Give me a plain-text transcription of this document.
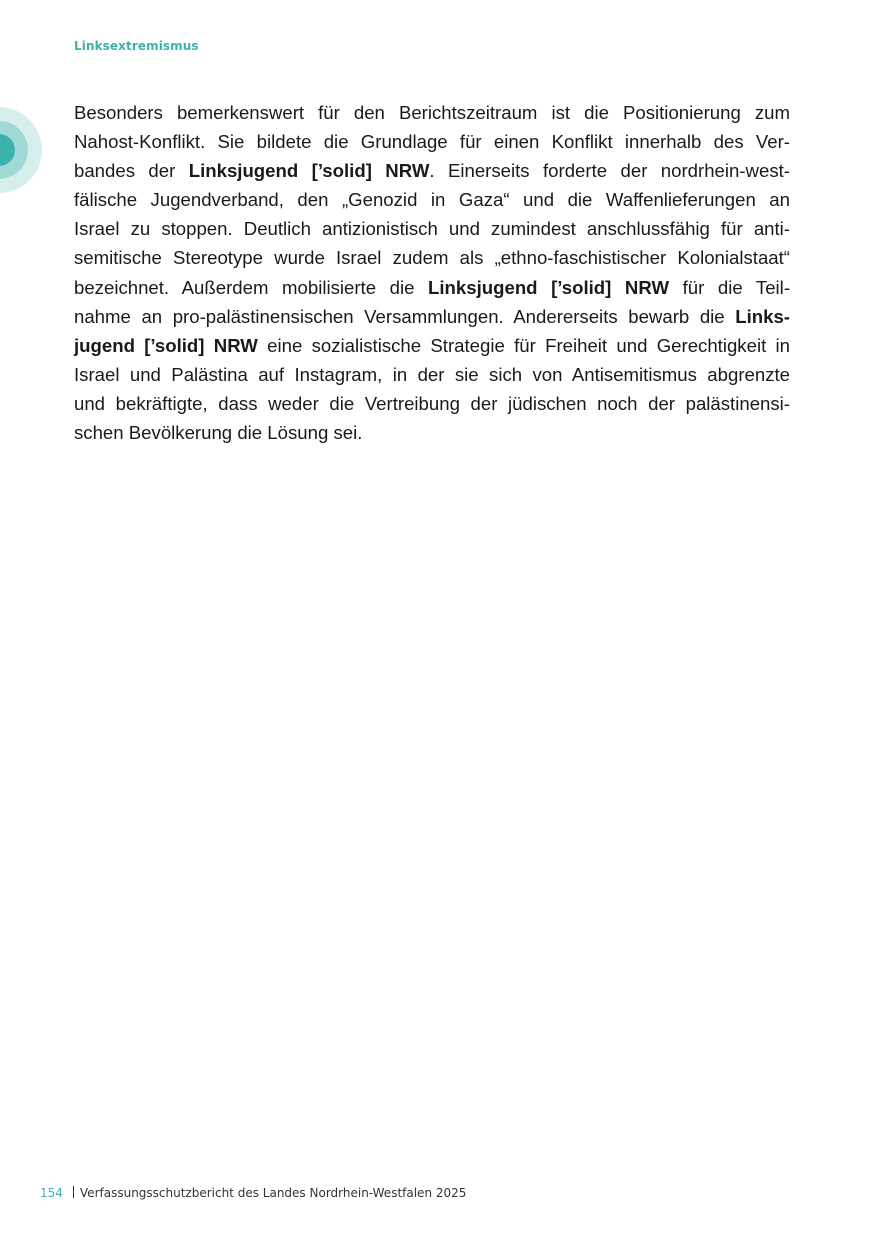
Linksextremismus
Besonders bemerkenswert für den Berichtszeitraum ist die Positionierung zum
Nahost-Konflikt. Sie bildete die Grundlage für einen Konflikt innerhalb des Ver-
bandes der Linksjugend [’solid] NRW. Einerseits forderte der nordrhein-west-
fälische Jugendverband, den „Genozid in Gaza“ und die Waffenlieferungen an
Israel zu stoppen. Deutlich antizionistisch und zumindest anschlussfähig für anti-
semitische Stereotype wurde Israel zudem als „ethno-faschistischer Kolonialstaat“
bezeichnet. Außerdem mobilisierte die Linksjugend [’solid] NRW für die Teil-
nahme an pro-palästinensischen Versammlungen. Andererseits bewarb die Links-
jugend [’solid] NRW eine sozialistische Strategie für Freiheit und Gerechtigkeit in
Israel und Palästina auf Instagram, in der sie sich von Antisemitismus abgrenzte
und bekräftigte, dass weder die Vertreibung der jüdischen noch der palästinensi-
schen Bevölkerung die Lösung sei.
154 Verfassungsschutzbericht des Landes Nordrhein-Westfalen 2025
